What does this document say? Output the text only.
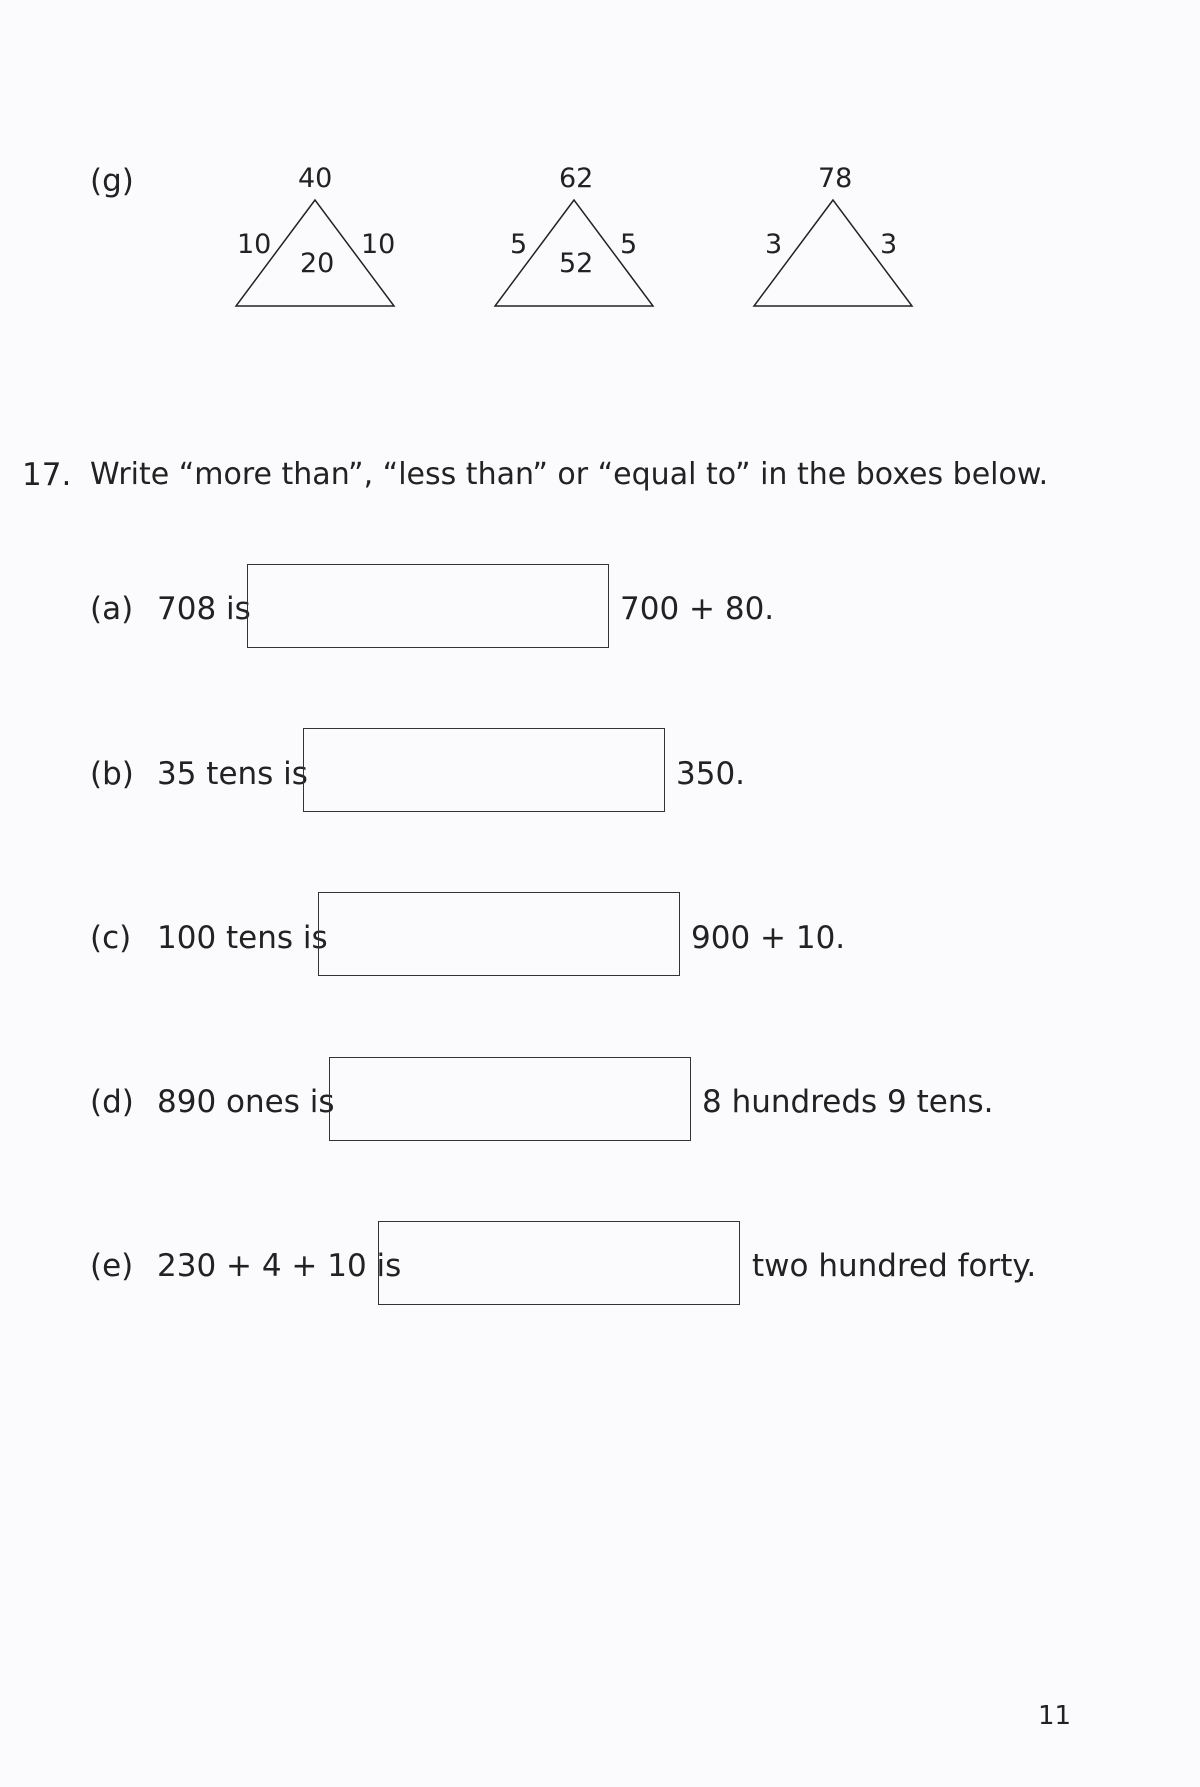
(g)	40
10	10
20
62
5	5
52
78
3	3
17. Write “more than”, “less than” or “equal to” in the boxes below.
(a) 708 is	700 + 80.
(b) 35 tens is	350.
(c) 100 tens is	900 + 10.
(d) 890 ones is	8 hundreds 9 tens.
(e) 230 + 4 + 10 is	two hundred forty.
11
